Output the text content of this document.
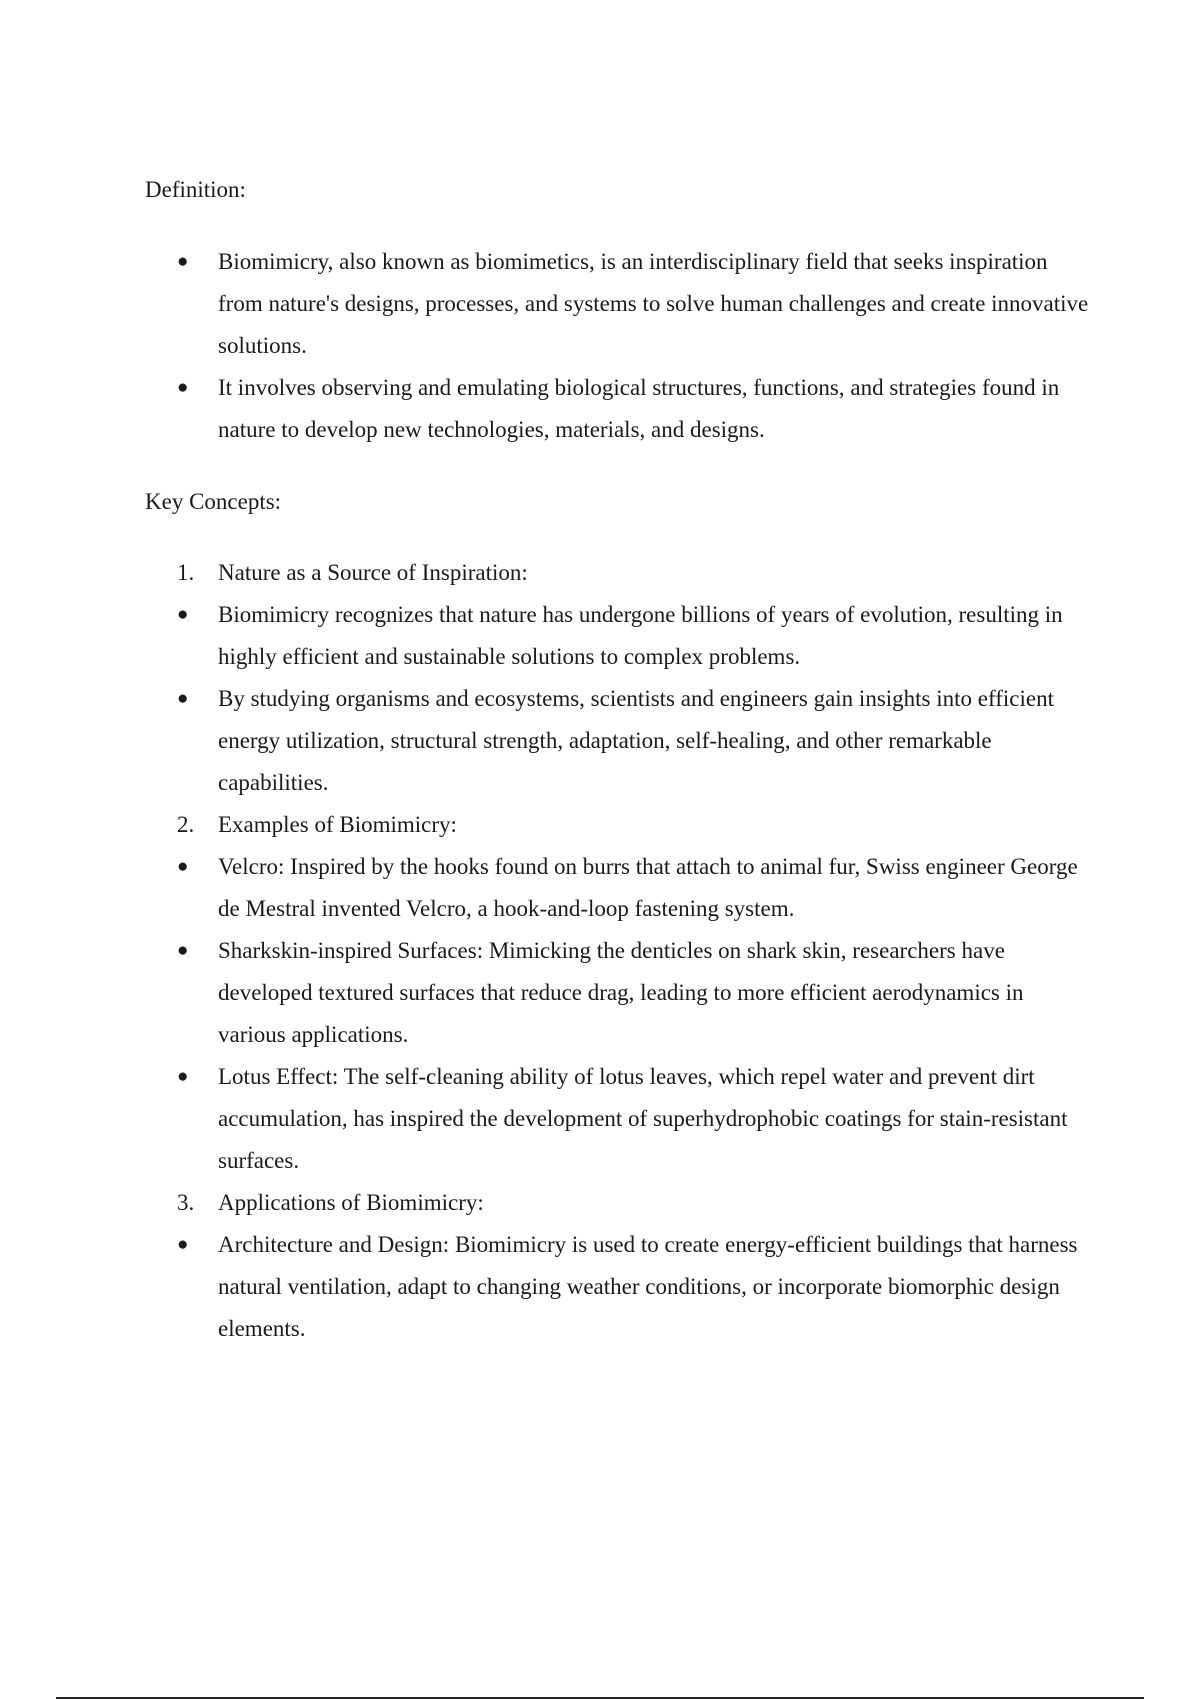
Definition:
●	Biomimicry, also known as biomimetics, is an interdisciplinary field that seeks inspiration from nature's designs, processes, and systems to solve human challenges and create innovative solutions.
●	It involves observing and emulating biological structures, functions, and strategies found in nature to develop new technologies, materials, and designs.
Key Concepts:
1.	Nature as a Source of Inspiration:
●	Biomimicry recognizes that nature has undergone billions of years of evolution, resulting in highly efficient and sustainable solutions to complex problems.
●	By studying organisms and ecosystems, scientists and engineers gain insights into efficient energy utilization, structural strength, adaptation, self-healing, and other remarkable capabilities.
2.	Examples of Biomimicry:
●	Velcro: Inspired by the hooks found on burrs that attach to animal fur, Swiss engineer George de Mestral invented Velcro, a hook-and-loop fastening system.
●	Sharkskin-inspired Surfaces: Mimicking the denticles on shark skin, researchers have developed textured surfaces that reduce drag, leading to more efficient aerodynamics in various applications.
●	Lotus Effect: The self-cleaning ability of lotus leaves, which repel water and prevent dirt accumulation, has inspired the development of superhydrophobic coatings for stain-resistant surfaces.
3.	Applications of Biomimicry:
●	Architecture and Design: Biomimicry is used to create energy-efficient buildings that harness natural ventilation, adapt to changing weather conditions, or incorporate biomorphic design elements.
